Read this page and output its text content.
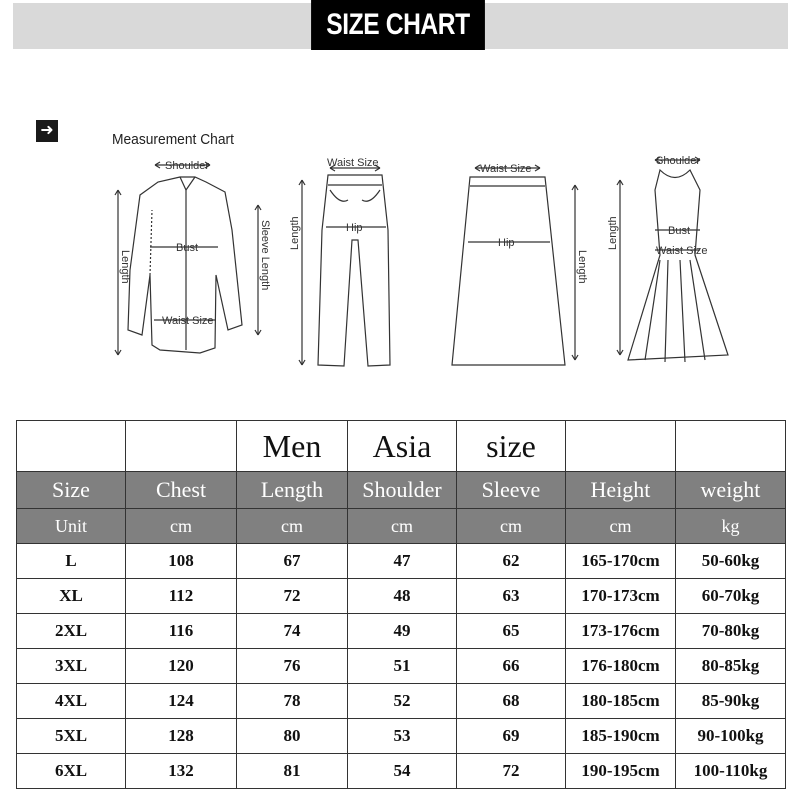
SIZE CHART
➜
Measurement Chart
Shoulder
Bust
Waist Size
Length	Sleeve Length
Waist Size
Hip
Length
Waist Size
Hip
Length
Shoulder
Bust
Waist Size
Length
		Men	Asia	size		
Size	Chest	Length	Shoulder	Sleeve	Height	weight
Unit	cm	cm	cm	cm	cm	kg
L	108	67	47	62	165-170cm	50-60kg
XL	112	72	48	63	170-173cm	60-70kg
2XL	116	74	49	65	173-176cm	70-80kg
3XL	120	76	51	66	176-180cm	80-85kg
4XL	124	78	52	68	180-185cm	85-90kg
5XL	128	80	53	69	185-190cm	90-100kg
6XL	132	81	54	72	190-195cm	100-110kg
